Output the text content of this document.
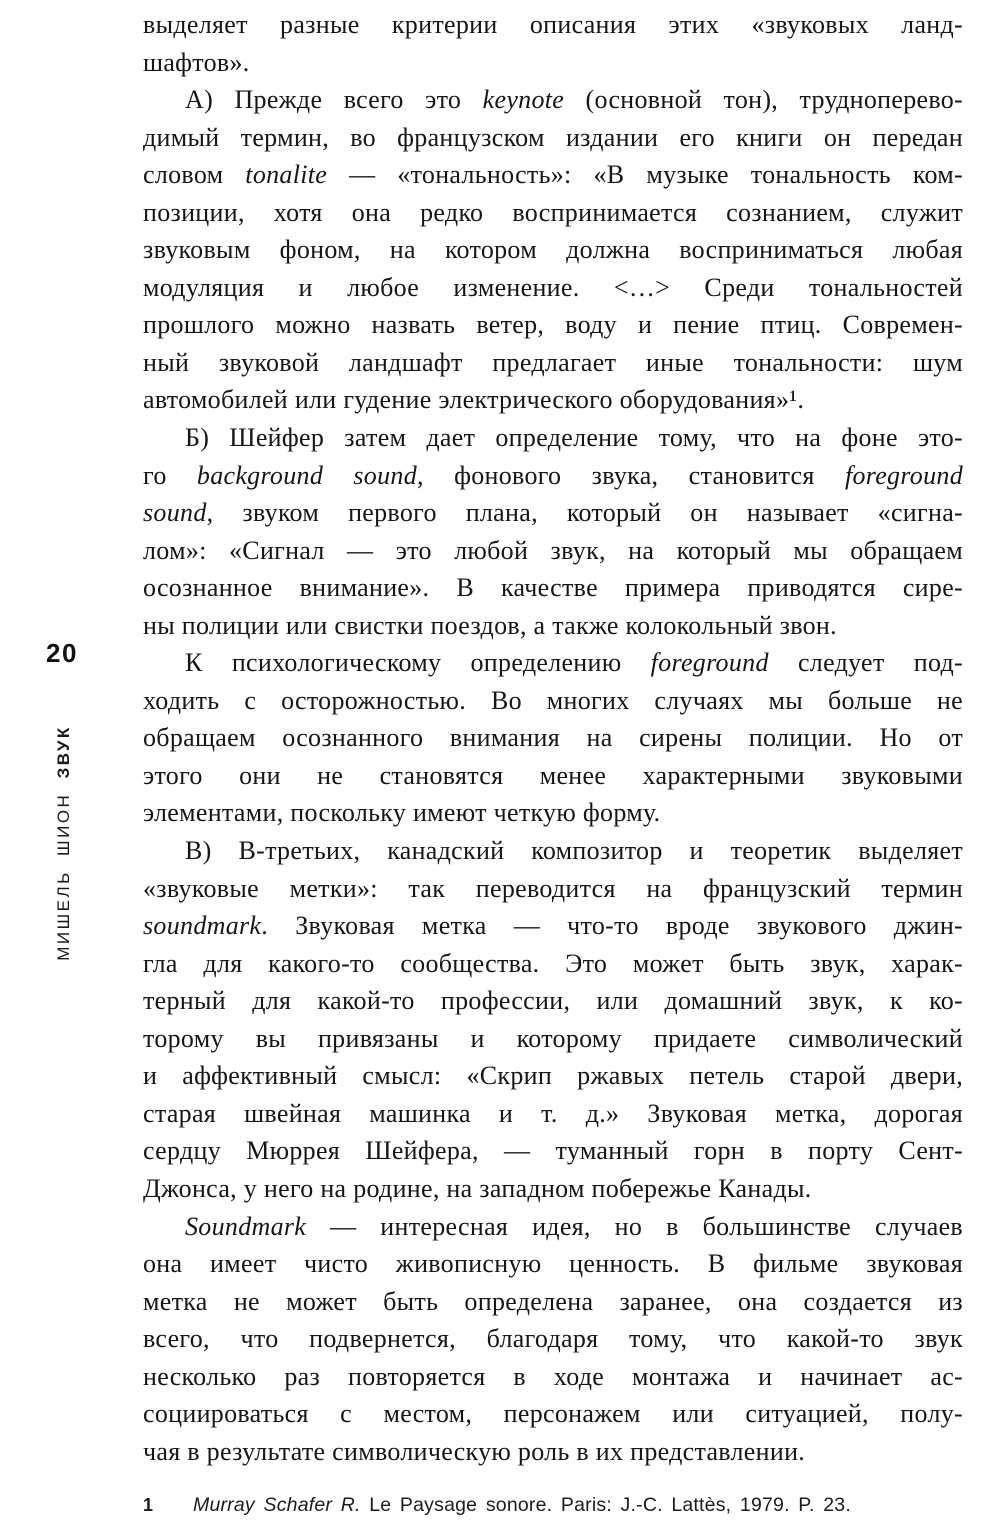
20
МИШЕЛЬ ШИОН ЗВУК
выделяет разные критерии описания этих «звуковых ланд-
шафтов».
А) Прежде всего это keynote (основной тон), трудноперево-
димый термин, во французском издании его книги он передан
словом tonalite — «тональность»: «В музыке тональность ком-
позиции, хотя она редко воспринимается сознанием, служит
звуковым фоном, на котором должна восприниматься любая
модуляция и любое изменение. <…> Среди тональностей
прошлого можно назвать ветер, воду и пение птиц. Современ-
ный звуковой ландшафт предлагает иные тональности: шум
автомобилей или гудение электрического оборудования»¹.
Б) Шейфер затем дает определение тому, что на фоне это-
го background sound, фонового звука, становится foreground
sound, звуком первого плана, который он называет «сигна-
лом»: «Сигнал — это любой звук, на который мы обращаем
осознанное внимание». В качестве примера приводятся сире-
ны полиции или свистки поездов, а также колокольный звон.
К психологическому определению foreground следует под-
ходить с осторожностью. Во многих случаях мы больше не
обращаем осознанного внимания на сирены полиции. Но от
этого они не становятся менее характерными звуковыми
элементами, поскольку имеют четкую форму.
В) В-третьих, канадский композитор и теоретик выделяет
«звуковые метки»: так переводится на французский термин
soundmark. Звуковая метка — что-то вроде звукового джин-
гла для какого-то сообщества. Это может быть звук, харак-
терный для какой-то профессии, или домашний звук, к ко-
торому вы привязаны и которому придаете символический
и аффективный смысл: «Скрип ржавых петель старой двери,
старая швейная машинка и т. д.» Звуковая метка, дорогая
сердцу Мюррея Шейфера, — туманный горн в порту Сент-
Джонса, у него на родине, на западном побережье Канады.
Soundmark — интересная идея, но в большинстве случаев
она имеет чисто живописную ценность. В фильме звуковая
метка не может быть определена заранее, она создается из
всего, что подвернется, благодаря тому, что какой-то звук
несколько раз повторяется в ходе монтажа и начинает ас-
социироваться с местом, персонажем или ситуацией, полу-
чая в результате символическую роль в их представлении.
1	Murray Schafer R. Le Paysage sonore. Paris: J.-C. Lattès, 1979. P. 23.
